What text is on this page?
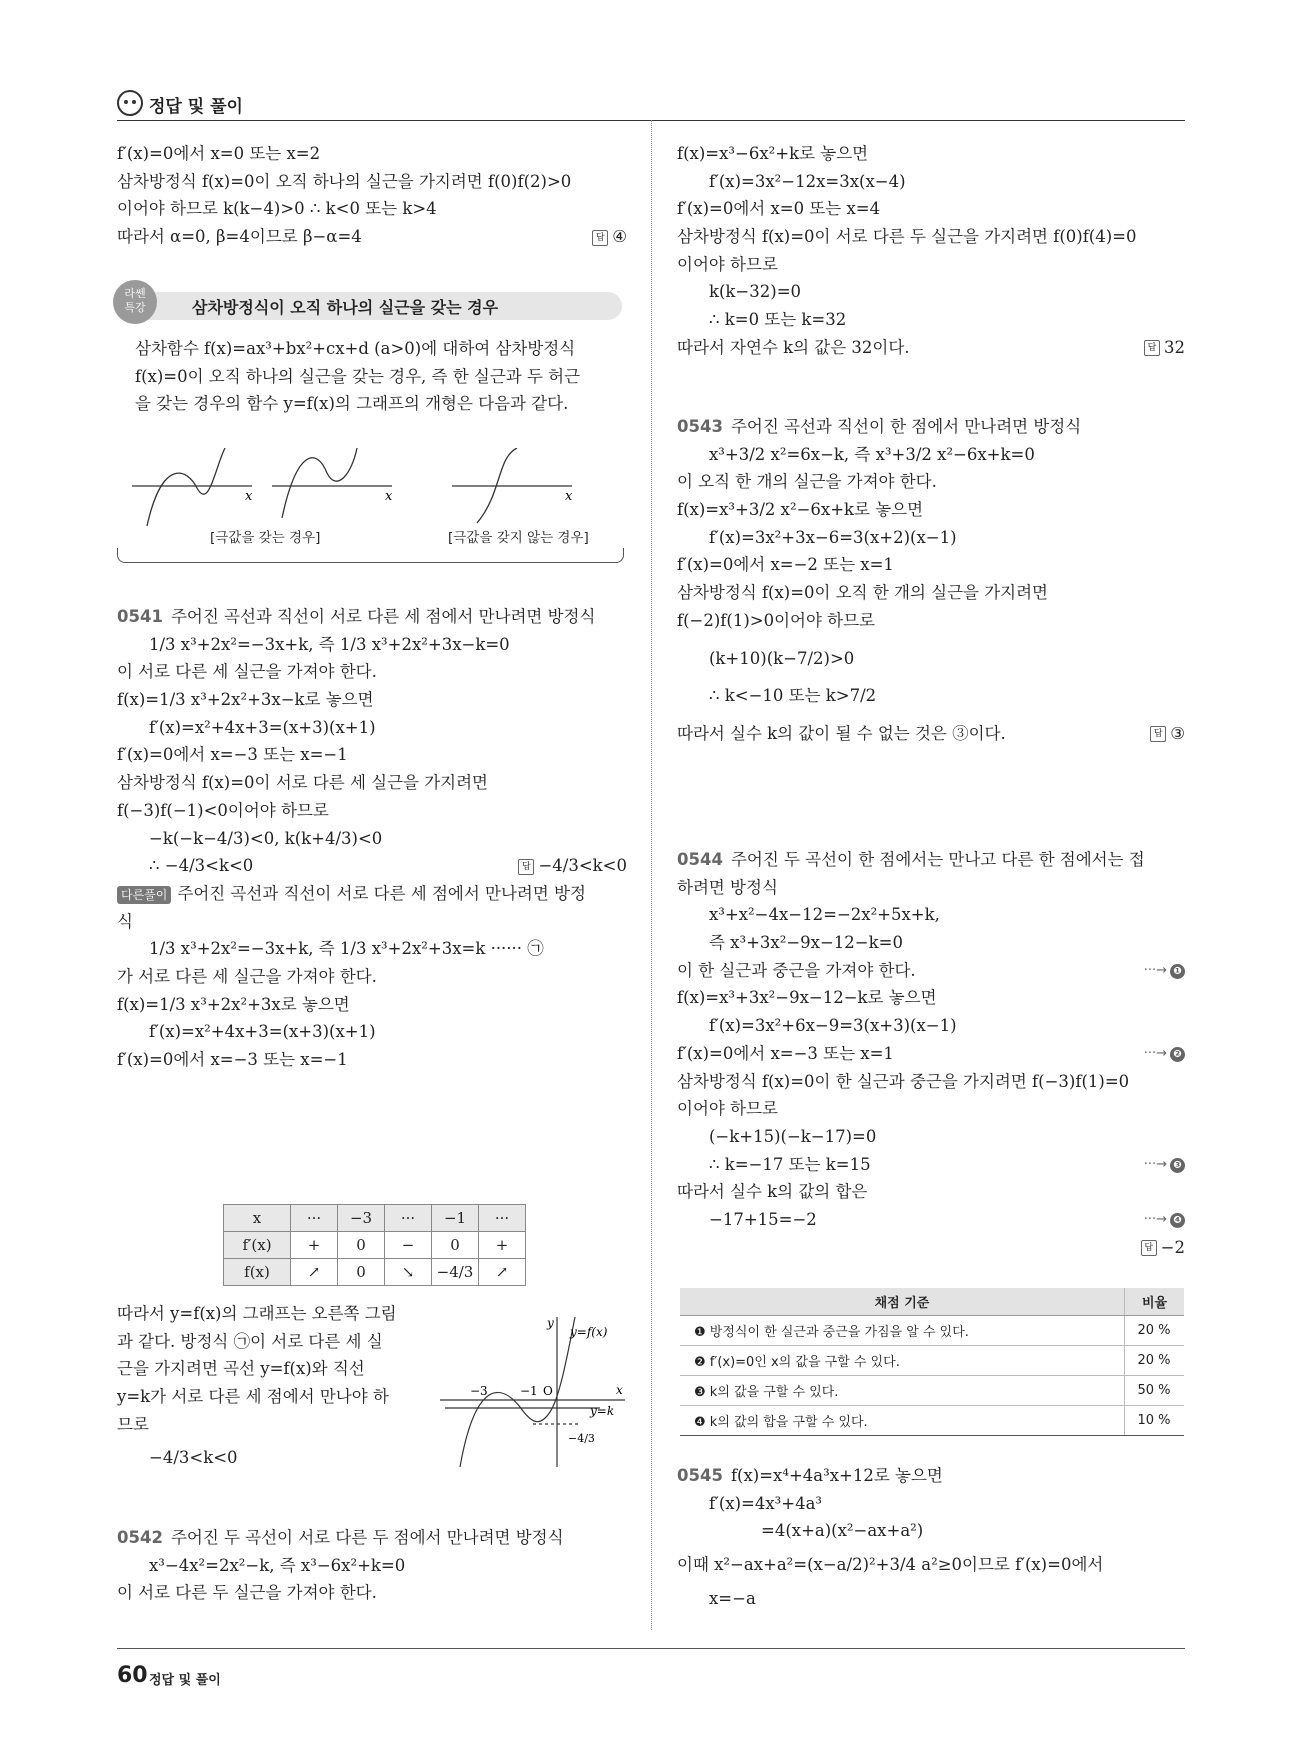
정답 및 풀이
f′(x)=0에서 x=0 또는 x=2
삼차방정식 f(x)=0이 오직 하나의 실근을 가지려면 f(0)f(2)>0
이어야 하므로 k(k−4)>0 ∴ k<0 또는 k>4
따라서 α=0, β=4이므로 β−α=4	답 ④
라쎈
특강	삼차방정식이 오직 하나의 실근을 갖는 경우
삼차함수 f(x)=ax³+bx²+cx+d (a>0)에 대하여 삼차방정식
f(x)=0이 오직 하나의 실근을 갖는 경우, 즉 한 실근과 두 허근
을 갖는 경우의 함수 y=f(x)의 그래프의 개형은 다음과 같다.
x	x	x
[극값을 갖는 경우]	[극값을 갖지 않는 경우]
0541 주어진 곡선과 직선이 서로 다른 세 점에서 만나려면 방정식
1/3 x³+2x²=−3x+k, 즉 1/3 x³+2x²+3x−k=0
이 서로 다른 세 실근을 가져야 한다.
f(x)=1/3 x³+2x²+3x−k로 놓으면
f′(x)=x²+4x+3=(x+3)(x+1)
f′(x)=0에서 x=−3 또는 x=−1
삼차방정식 f(x)=0이 서로 다른 세 실근을 가지려면
f(−3)f(−1)<0이어야 하므로
−k(−k−4/3)<0, k(k+4/3)<0
∴ −4/3<k<0	답 −4/3<k<0
다른풀이 주어진 곡선과 직선이 서로 다른 세 점에서 만나려면 방정
식
1/3 x³+2x²=−3x+k, 즉 1/3 x³+2x²+3x=k ······ ㉠
가 서로 다른 세 실근을 가져야 한다.
f(x)=1/3 x³+2x²+3x로 놓으면
f′(x)=x²+4x+3=(x+3)(x+1)
f′(x)=0에서 x=−3 또는 x=−1
x	···	−3	···	−1	···
f′(x)	+	0	−	0	+
f(x)	↗	0	↘	−4/3	↗
따라서 y=f(x)의 그래프는 오른쪽 그림
과 같다. 방정식 ㉠이 서로 다른 세 실
근을 가지려면 곡선 y=f(x)와 직선
y=k가 서로 다른 세 점에서 만나야 하
므로
−4/3<k<0
y
y=f(x)
x
y=k
−3	−1 O
−4/3
0542 주어진 두 곡선이 서로 다른 두 점에서 만나려면 방정식
x³−4x²=2x²−k, 즉 x³−6x²+k=0
이 서로 다른 두 실근을 가져야 한다.
f(x)=x³−6x²+k로 놓으면
f′(x)=3x²−12x=3x(x−4)
f′(x)=0에서 x=0 또는 x=4
삼차방정식 f(x)=0이 서로 다른 두 실근을 가지려면 f(0)f(4)=0
이어야 하므로
k(k−32)=0
∴ k=0 또는 k=32
따라서 자연수 k의 값은 32이다.	답 32
0543 주어진 곡선과 직선이 한 점에서 만나려면 방정식
x³+3/2 x²=6x−k, 즉 x³+3/2 x²−6x+k=0
이 오직 한 개의 실근을 가져야 한다.
f(x)=x³+3/2 x²−6x+k로 놓으면
f′(x)=3x²+3x−6=3(x+2)(x−1)
f′(x)=0에서 x=−2 또는 x=1
삼차방정식 f(x)=0이 오직 한 개의 실근을 가지려면
f(−2)f(1)>0이어야 하므로
(k+10)(k−7/2)>0
∴ k<−10 또는 k>7/2
따라서 실수 k의 값이 될 수 없는 것은 ③이다.	답 ③
0544 주어진 두 곡선이 한 점에서는 만나고 다른 한 점에서는 접
하려면 방정식
x³+x²−4x−12=−2x²+5x+k,
즉 x³+3x²−9x−12−k=0
이 한 실근과 중근을 가져야 한다.	···→ ❶
f(x)=x³+3x²−9x−12−k로 놓으면
f′(x)=3x²+6x−9=3(x+3)(x−1)
f′(x)=0에서 x=−3 또는 x=1	···→ ❷
삼차방정식 f(x)=0이 한 실근과 중근을 가지려면 f(−3)f(1)=0
이어야 하므로
(−k+15)(−k−17)=0
∴ k=−17 또는 k=15	···→ ❸
따라서 실수 k의 값의 합은
−17+15=−2	···→ ❹
답 −2
채점 기준	비율
❶ 방정식이 한 실근과 중근을 가짐을 알 수 있다.	20 %
❷ f′(x)=0인 x의 값을 구할 수 있다.	20 %
❸ k의 값을 구할 수 있다.	50 %
❹ k의 값의 합을 구할 수 있다.	10 %
0545 f(x)=x⁴+4a³x+12로 놓으면
f′(x)=4x³+4a³
=4(x+a)(x²−ax+a²)
이때 x²−ax+a²=(x−a/2)²+3/4 a²≥0이므로 f′(x)=0에서
x=−a
60 정답 및 풀이
